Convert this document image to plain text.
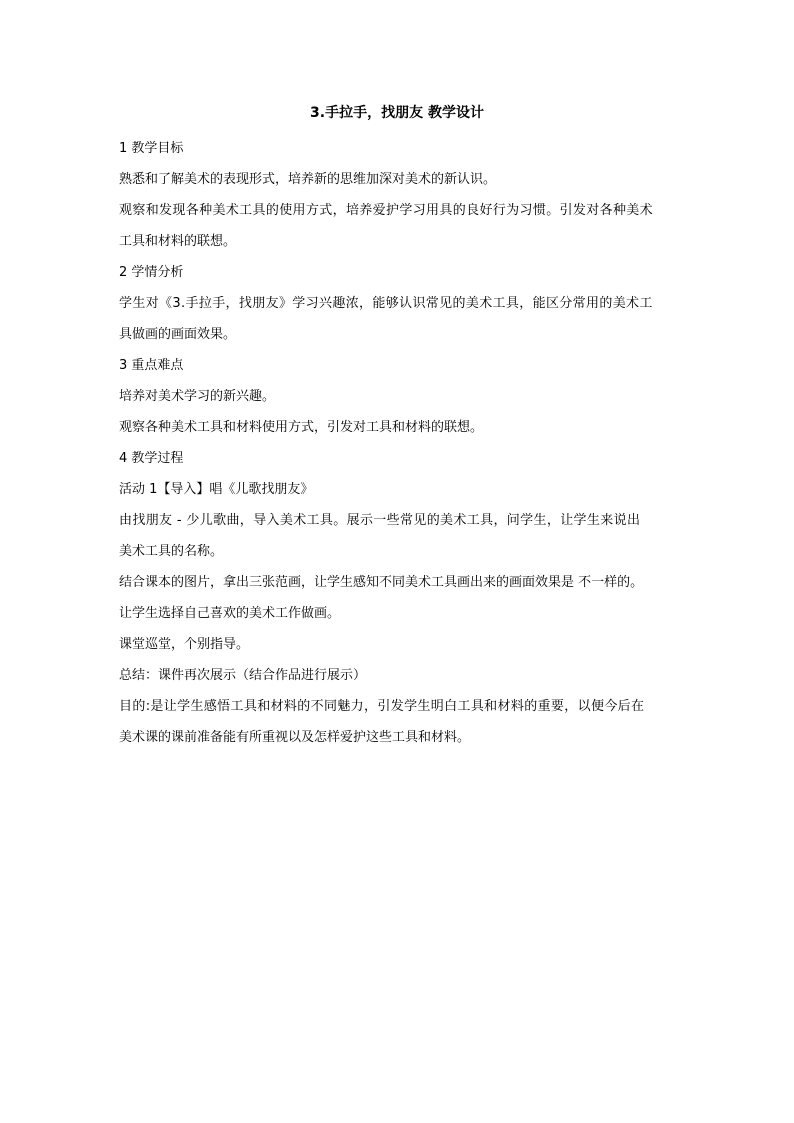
3.手拉手，找朋友 教学设计
1 教学目标
熟悉和了解美术的表现形式，培养新的思维加深对美术的新认识。
观察和发现各种美术工具的使用方式，培养爱护学习用具的良好行为习惯。引发对各种美术
工具和材料的联想。
2 学情分析
学生对《3.手拉手，找朋友》学习兴趣浓，能够认识常见的美术工具，能区分常用的美术工
具做画的画面效果。
3 重点难点
培养对美术学习的新兴趣。
观察各种美术工具和材料使用方式，引发对工具和材料的联想。
4 教学过程
活动 1【导入】唱《儿歌找朋友》
由找朋友 - 少儿歌曲，导入美术工具。展示一些常见的美术工具，问学生，让学生来说出
美术工具的名称。
结合课本的图片，拿出三张范画，让学生感知不同美术工具画出来的画面效果是 不一样的。
让学生选择自己喜欢的美术工作做画。
课堂巡堂，个别指导。
总结：课件再次展示（结合作品进行展示）
目的:是让学生感悟工具和材料的不同魅力，引发学生明白工具和材料的重要，以便今后在
美术课的课前准备能有所重视以及怎样爱护这些工具和材料。
